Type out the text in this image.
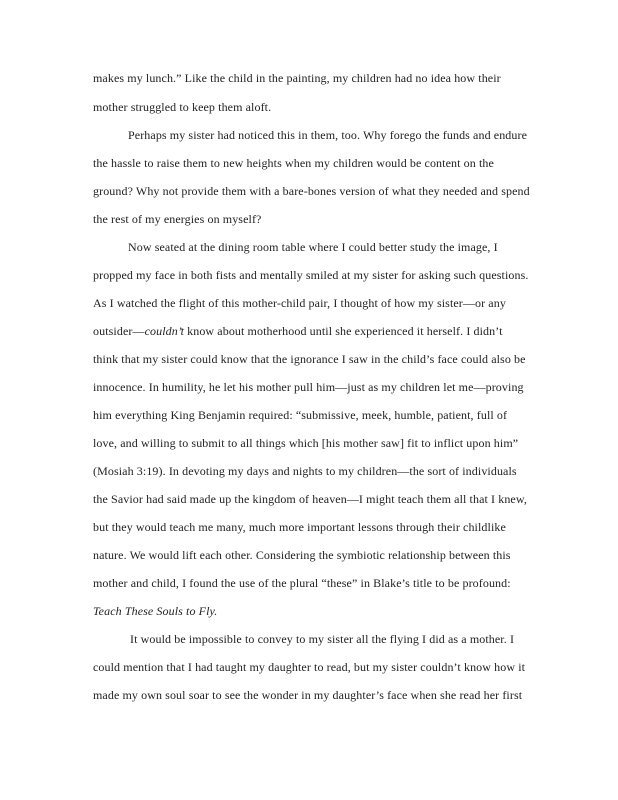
makes my lunch.” Like the child in the painting, my children had no idea how their
mother struggled to keep them aloft.
Perhaps my sister had noticed this in them, too. Why forego the funds and endure
the hassle to raise them to new heights when my children would be content on the
ground? Why not provide them with a bare-bones version of what they needed and spend
the rest of my energies on myself?
Now seated at the dining room table where I could better study the image, I
propped my face in both fists and mentally smiled at my sister for asking such questions.
As I watched the flight of this mother-child pair, I thought of how my sister—or any
outsider—couldn’t know about motherhood until she experienced it herself. I didn’t
think that my sister could know that the ignorance I saw in the child’s face could also be
innocence. In humility, he let his mother pull him—just as my children let me—proving
him everything King Benjamin required: “submissive, meek, humble, patient, full of
love, and willing to submit to all things which [his mother saw] fit to inflict upon him”
(Mosiah 3:19). In devoting my days and nights to my children—the sort of individuals
the Savior had said made up the kingdom of heaven—I might teach them all that I knew,
but they would teach me many, much more important lessons through their childlike
nature. We would lift each other. Considering the symbiotic relationship between this
mother and child, I found the use of the plural “these” in Blake’s title to be profound:
Teach These Souls to Fly.
It would be impossible to convey to my sister all the flying I did as a mother. I
could mention that I had taught my daughter to read, but my sister couldn’t know how it
made my own soul soar to see the wonder in my daughter’s face when she read her first
